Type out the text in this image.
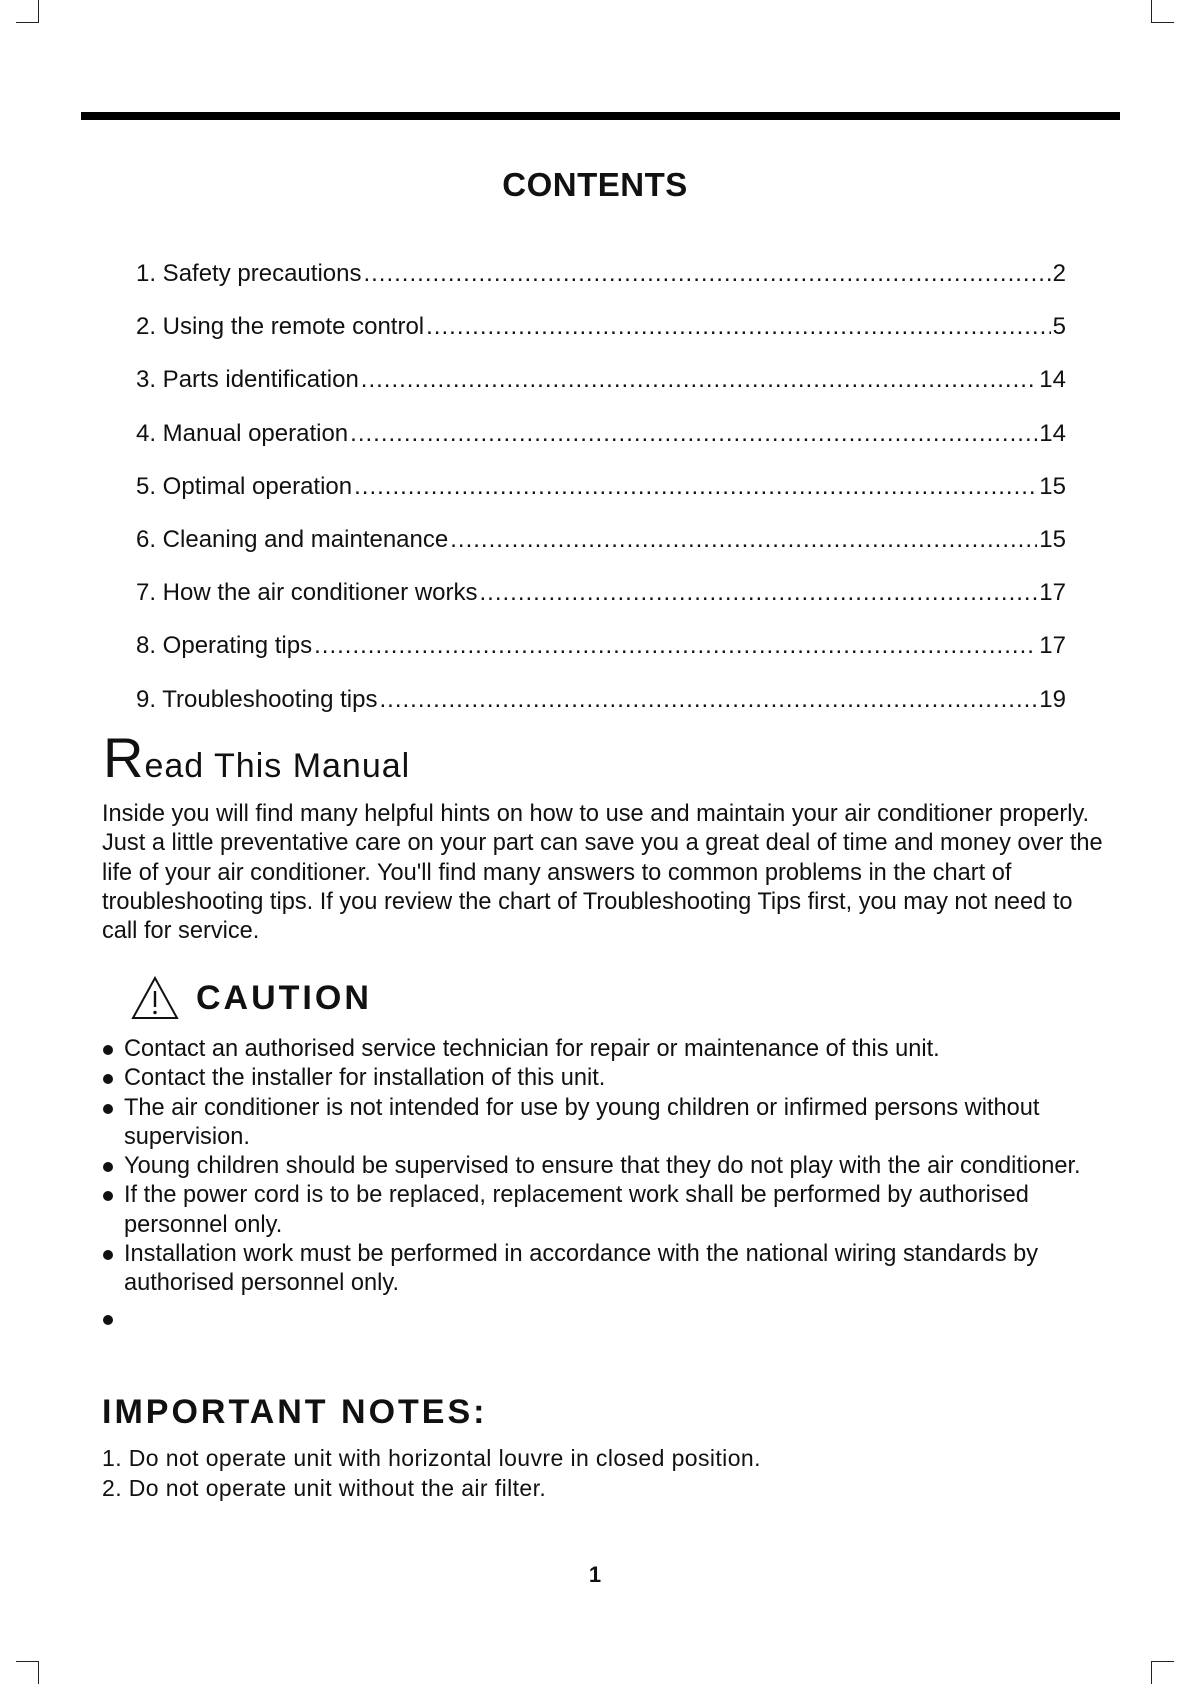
CONTENTS
1. Safety precautions .....	2
2. Using the remote control .....	5
3. Parts identification .....	14
4. Manual operation .....	14
5. Optimal operation .....	15
6. Cleaning and maintenance .....	15
7. How the air conditioner works .....	17
8. Operating tips .....	17
9. Troubleshooting tips .....	19
Read This Manual

Inside you will find many helpful hints on how to use and maintain your air conditioner properly. Just a little preventative care on your part can save you a great deal of time and money over the life of your air conditioner. You'll find many answers to common problems in the chart of troubleshooting tips. If you review the chart of Troubleshooting Tips first, you may not need to call for service.

CAUTION
Contact an authorised service technician for repair or maintenance of this unit.
Contact the installer for installation of this unit.
The air conditioner is not intended for use by young children or infirmed persons without supervision.
Young children should be supervised to ensure that they do not play with the air conditioner.
If the power cord is to be replaced, replacement work shall be performed by authorised personnel only.
Installation work must be performed in accordance with the national wiring standards by authorised personnel only.
IMPORTANT NOTES:
1. Do not operate unit with horizontal louvre in closed position.
2. Do not operate unit without the air filter.
1
